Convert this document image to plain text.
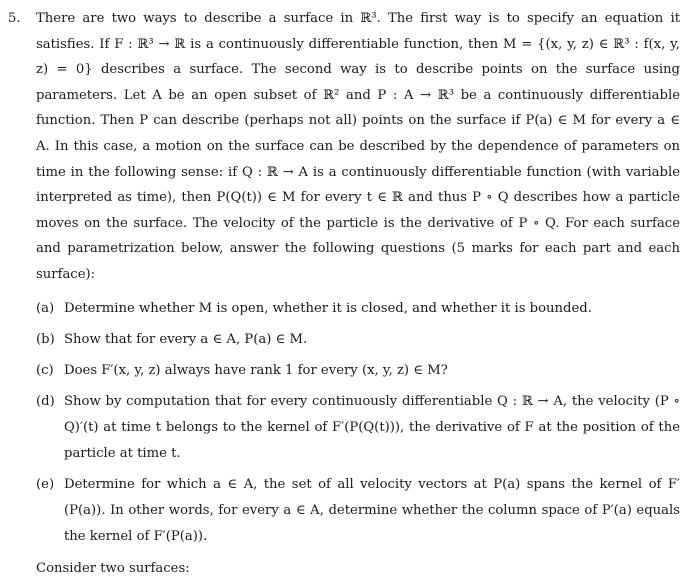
5.	There are two ways to describe a surface in ℝ³. The first way is to specify an equation it satisfies. If F : ℝ³ → ℝ is a continuously differentiable function, then M = {(x, y, z) ∈ ℝ³ : f(x, y, z) = 0} describes a surface. The second way is to describe points on the surface using parameters. Let A be an open subset of ℝ² and P : A → ℝ³ be a continuously differentiable function. Then P can describe (perhaps not all) points on the surface if P(a) ∈ M for every a ∈ A. In this case, a motion on the surface can be described by the dependence of parameters on time in the following sense: if Q : ℝ → A is a continuously differentiable function (with variable interpreted as time), then P(Q(t)) ∈ M for every t ∈ ℝ and thus P ∘ Q describes how a particle moves on the surface. The velocity of the particle is the derivative of P ∘ Q. For each surface and parametrization below, answer the following questions (5 marks for each part and each surface):

(a) Determine whether M is open, whether it is closed, and whether it is bounded.
(b) Show that for every a ∈ A, P(a) ∈ M.
(c) Does F′(x, y, z) always have rank 1 for every (x, y, z) ∈ M?
(d) Show by computation that for every continuously differentiable Q : ℝ → A, the velocity (P ∘ Q)′(t) at time t belongs to the kernel of F′(P(Q(t))), the derivative of F at the position of the particle at time t.
(e) Determine for which a ∈ A, the set of all velocity vectors at P(a) spans the kernel of F′(P(a)). In other words, for every a ∈ A, determine whether the column space of P′(a) equals the kernel of F′(P(a)).
Consider two surfaces:
